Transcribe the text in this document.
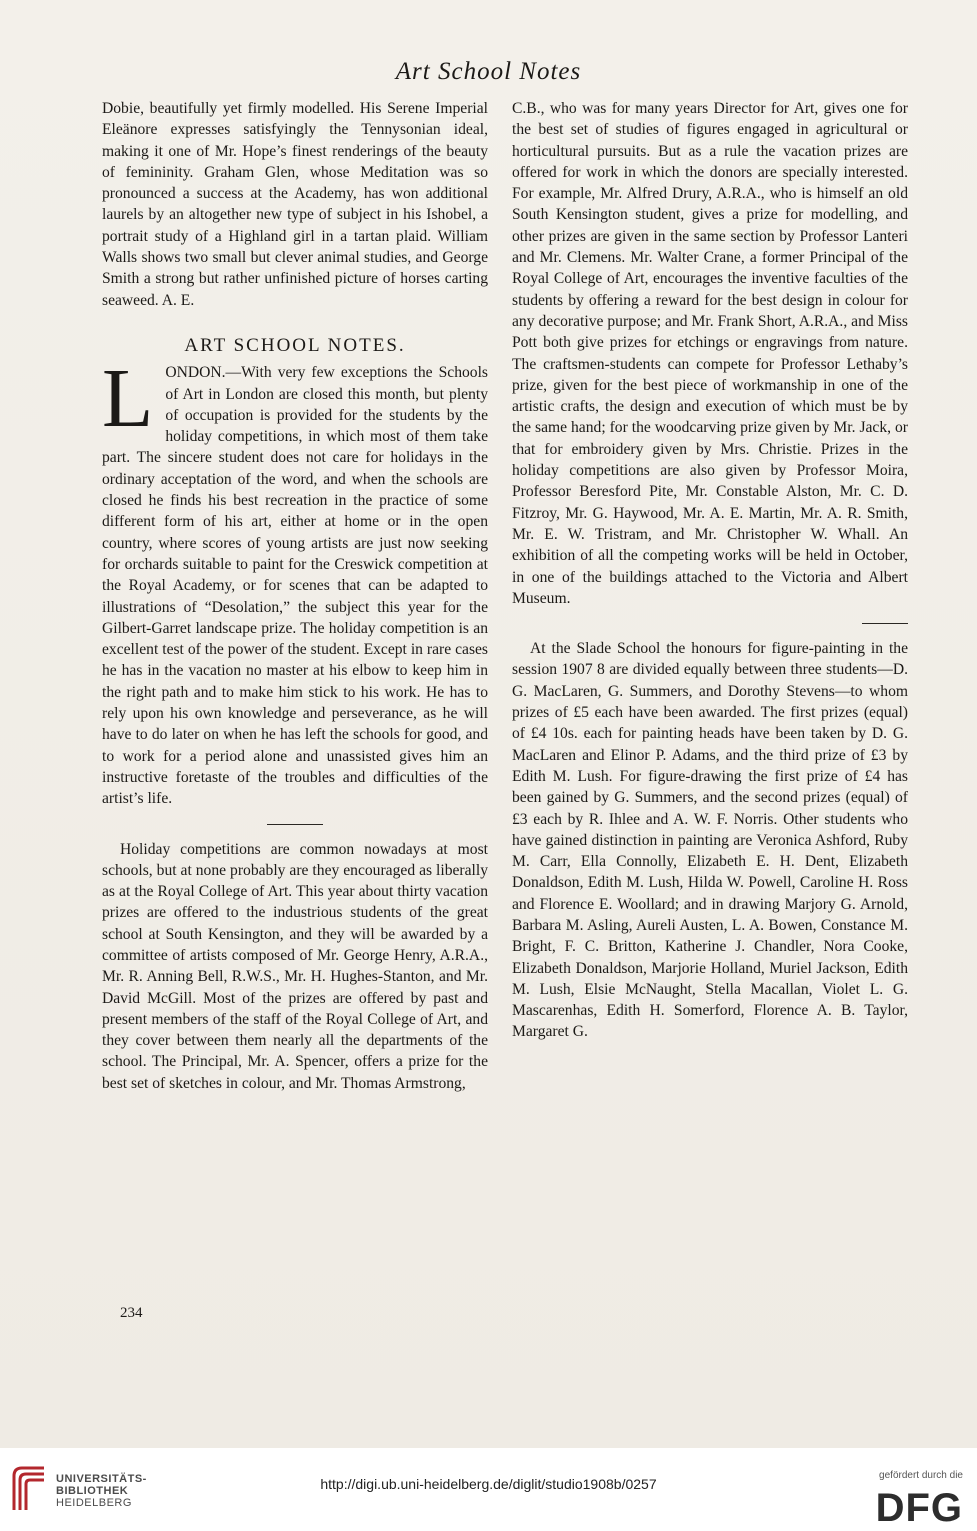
Art School Notes

Dobie, beautifully yet firmly modelled. His Serene Imperial Eleänore expresses satisfyingly the Tennysonian ideal, making it one of Mr. Hope’s finest renderings of the beauty of femininity. Graham Glen, whose Meditation was so pronounced a success at the Academy, has won additional laurels by an altogether new type of subject in his Ishobel, a portrait study of a Highland girl in a tartan plaid. William Walls shows two small but clever animal studies, and George Smith a strong but rather unfinished picture of horses carting seaweed. A. E.

ART SCHOOL NOTES.

LONDON.—With very few exceptions the Schools of Art in London are closed this month, but plenty of occupation is provided for the students by the holiday competitions, in which most of them take part. The sincere student does not care for holidays in the ordinary acceptation of the word, and when the schools are closed he finds his best recreation in the practice of some different form of his art, either at home or in the open country, where scores of young artists are just now seeking for orchards suitable to paint for the Creswick competition at the Royal Academy, or for scenes that can be adapted to illustrations of “Desolation,” the subject this year for the Gilbert-Garret landscape prize. The holiday competition is an excellent test of the power of the student. Except in rare cases he has in the vacation no master at his elbow to keep him in the right path and to make him stick to his work. He has to rely upon his own knowledge and perseverance, as he will have to do later on when he has left the schools for good, and to work for a period alone and unassisted gives him an instructive foretaste of the troubles and difficulties of the artist’s life.

Holiday competitions are common nowadays at most schools, but at none probably are they encouraged as liberally as at the Royal College of Art. This year about thirty vacation prizes are offered to the industrious students of the great school at South Kensington, and they will be awarded by a committee of artists composed of Mr. George Henry, A.R.A., Mr. R. Anning Bell, R.W.S., Mr. H. Hughes-Stanton, and Mr. David McGill. Most of the prizes are offered by past and present members of the staff of the Royal College of Art, and they cover between them nearly all the departments of the school. The Principal, Mr. A. Spencer, offers a prize for the best set of sketches in colour, and Mr. Thomas Armstrong,

C.B., who was for many years Director for Art, gives one for the best set of studies of figures engaged in agricultural or horticultural pursuits. But as a rule the vacation prizes are offered for work in which the donors are specially interested. For example, Mr. Alfred Drury, A.R.A., who is himself an old South Kensington student, gives a prize for modelling, and other prizes are given in the same section by Professor Lanteri and Mr. Clemens. Mr. Walter Crane, a former Principal of the Royal College of Art, encourages the inventive faculties of the students by offering a reward for the best design in colour for any decorative purpose; and Mr. Frank Short, A.R.A., and Miss Pott both give prizes for etchings or engravings from nature. The craftsmen-students can compete for Professor Lethaby’s prize, given for the best piece of workmanship in one of the artistic crafts, the design and execution of which must be by the same hand; for the woodcarving prize given by Mr. Jack, or that for embroidery given by Mrs. Christie. Prizes in the holiday competitions are also given by Professor Moira, Professor Beresford Pite, Mr. Constable Alston, Mr. C. D. Fitzroy, Mr. G. Haywood, Mr. A. E. Martin, Mr. A. R. Smith, Mr. E. W. Tristram, and Mr. Christopher W. Whall. An exhibition of all the competing works will be held in October, in one of the buildings attached to the Victoria and Albert Museum.

At the Slade School the honours for figure-painting in the session 1907 8 are divided equally between three students—D. G. MacLaren, G. Summers, and Dorothy Stevens—to whom prizes of £5 each have been awarded. The first prizes (equal) of £4 10s. each for painting heads have been taken by D. G. MacLaren and Elinor P. Adams, and the third prize of £3 by Edith M. Lush. For figure-drawing the first prize of £4 has been gained by G. Summers, and the second prizes (equal) of £3 each by R. Ihlee and A. W. F. Norris. Other students who have gained distinction in painting are Veronica Ashford, Ruby M. Carr, Ella Connolly, Elizabeth E. H. Dent, Elizabeth Donaldson, Edith M. Lush, Hilda W. Powell, Caroline H. Ross and Florence E. Woollard; and in drawing Marjory G. Arnold, Barbara M. Asling, Aureli Austen, L. A. Bowen, Constance M. Bright, F. C. Britton, Katherine J. Chandler, Nora Cooke, Elizabeth Donaldson, Marjorie Holland, Muriel Jackson, Edith M. Lush, Elsie McNaught, Stella Macallan, Violet L. G. Mascarenhas, Edith H. Somerford, Florence A. B. Taylor, Margaret G.

234
UNIVERSITÄTS-
BIBLIOTHEK
HEIDELBERG
http://digi.ub.uni-heidelberg.de/diglit/studio1908b/0257
gefördert durch die
DFG
